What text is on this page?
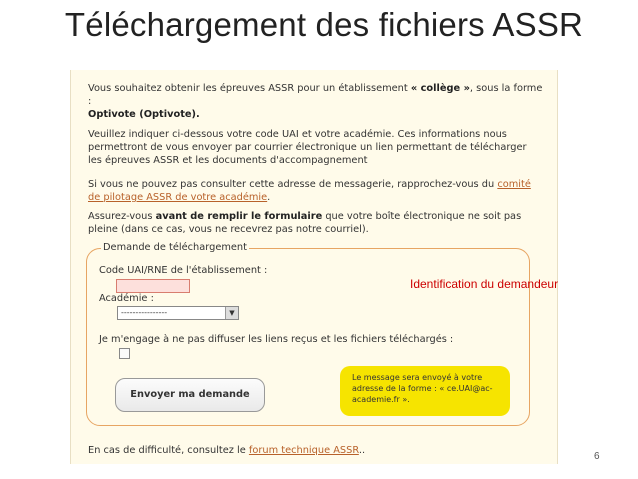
Téléchargement des fichiers ASSR

Vous souhaitez obtenir les épreuves ASSR pour un établissement « collège », sous la forme :
Optivote (Optivote).

Veuillez indiquer ci-dessous votre code UAI et votre académie. Ces informations nous permettront de vous envoyer par courrier électronique un lien permettant de télécharger les épreuves ASSR et les documents d'accompagnement

Si vous ne pouvez pas consulter cette adresse de messagerie, rapprochez-vous du comité de pilotage ASSR de votre académie.

Assurez-vous avant de remplir le formulaire que votre boîte électronique ne soit pas pleine (dans ce cas, vous ne recevrez pas notre courriel).

Demande de téléchargement
Code UAI/RNE de l'établissement :
Académie :
----------------	▼
Je m'engage à ne pas diffuser les liens reçus et les fichiers téléchargés :
Envoyer ma demande
Le message sera envoyé à votre adresse de la forme : « ce.UAI@ac-academie.fr ».

En cas de difficulté, consultez le forum technique ASSR..

Identification du demandeur
6
